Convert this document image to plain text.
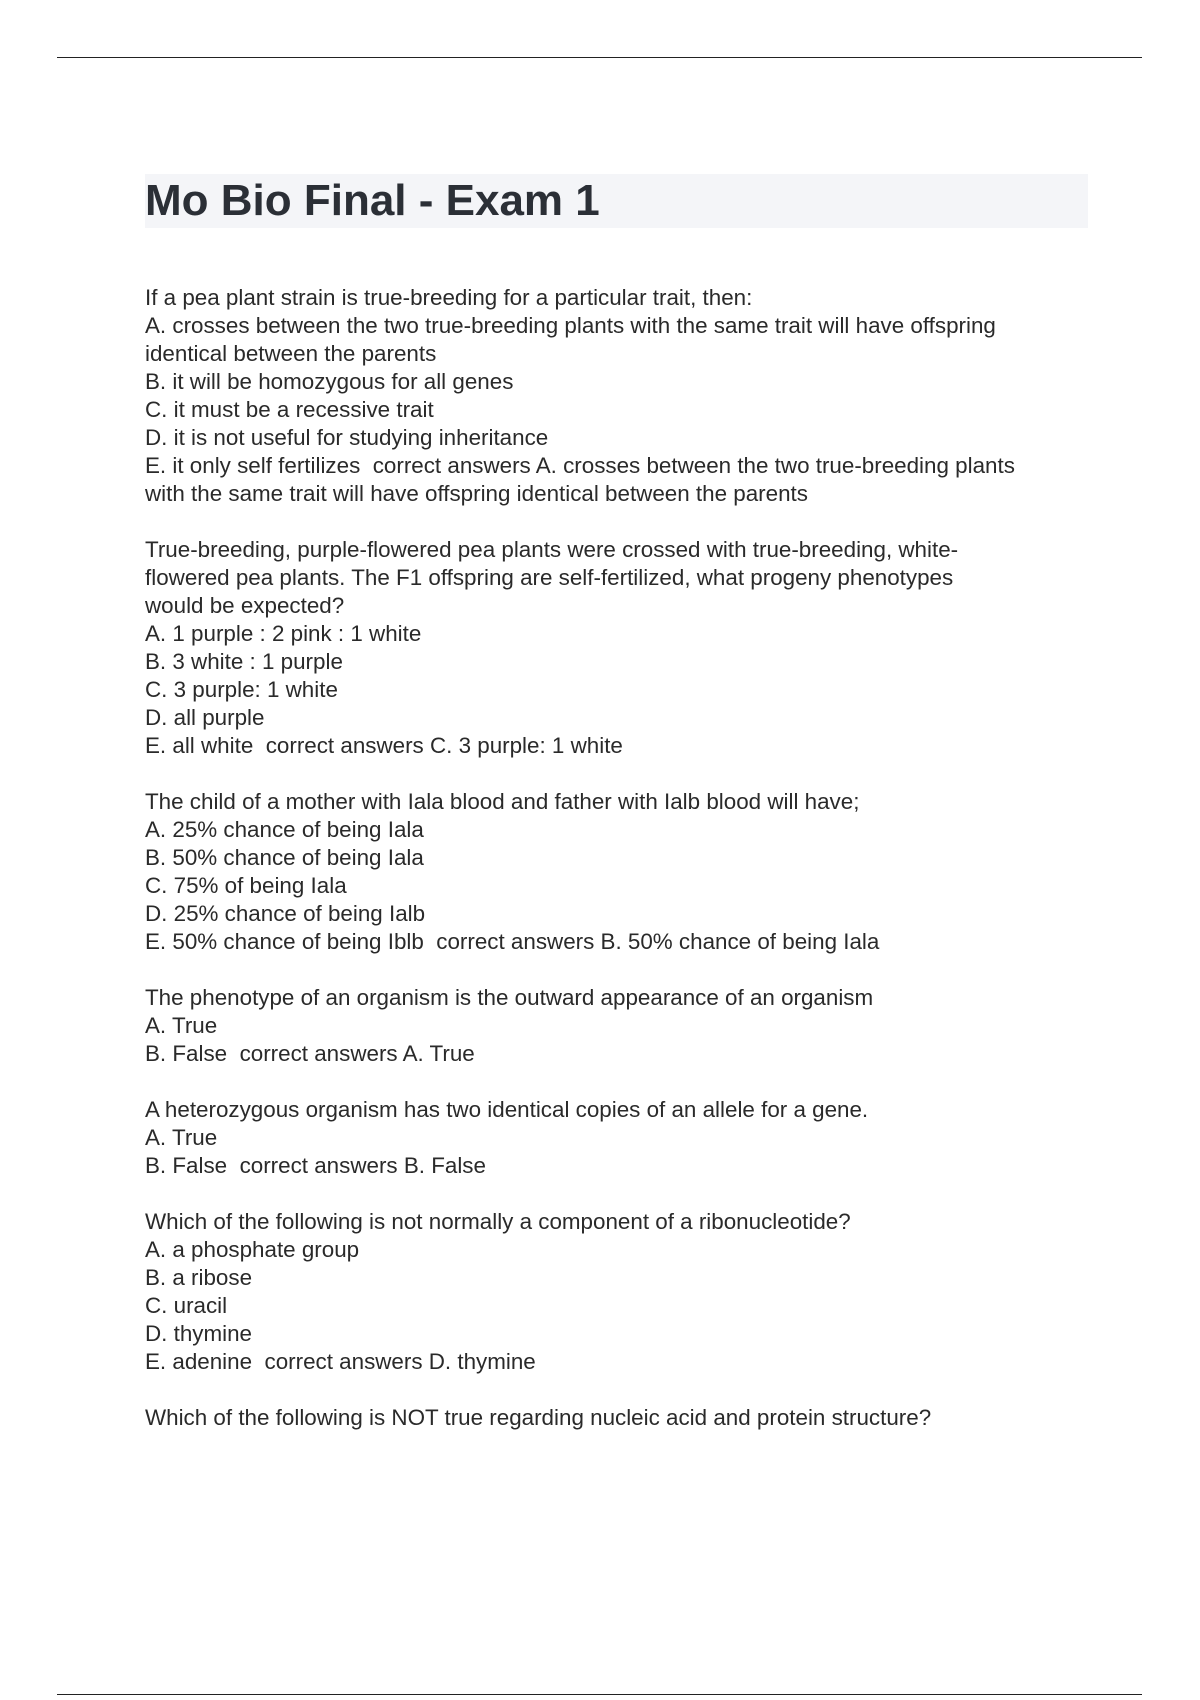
Mo Bio Final - Exam 1
If a pea plant strain is true-breeding for a particular trait, then:
A. crosses between the two true-breeding plants with the same trait will have offspring
identical between the parents
B. it will be homozygous for all genes
C. it must be a recessive trait
D. it is not useful for studying inheritance
E. it only self fertilizes  correct answers A. crosses between the two true-breeding plants
with the same trait will have offspring identical between the parents
True-breeding, purple-flowered pea plants were crossed with true-breeding, white-
flowered pea plants. The F1 offspring are self-fertilized, what progeny phenotypes
would be expected?
A. 1 purple : 2 pink : 1 white
B. 3 white : 1 purple
C. 3 purple: 1 white
D. all purple
E. all white  correct answers C. 3 purple: 1 white
The child of a mother with Iala blood and father with Ialb blood will have;
A. 25% chance of being Iala
B. 50% chance of being Iala
C. 75% of being Iala
D. 25% chance of being Ialb
E. 50% chance of being Iblb  correct answers B. 50% chance of being Iala
The phenotype of an organism is the outward appearance of an organism
A. True
B. False  correct answers A. True
A heterozygous organism has two identical copies of an allele for a gene.
A. True
B. False  correct answers B. False
Which of the following is not normally a component of a ribonucleotide?
A. a phosphate group
B. a ribose
C. uracil
D. thymine
E. adenine  correct answers D. thymine
Which of the following is NOT true regarding nucleic acid and protein structure?
